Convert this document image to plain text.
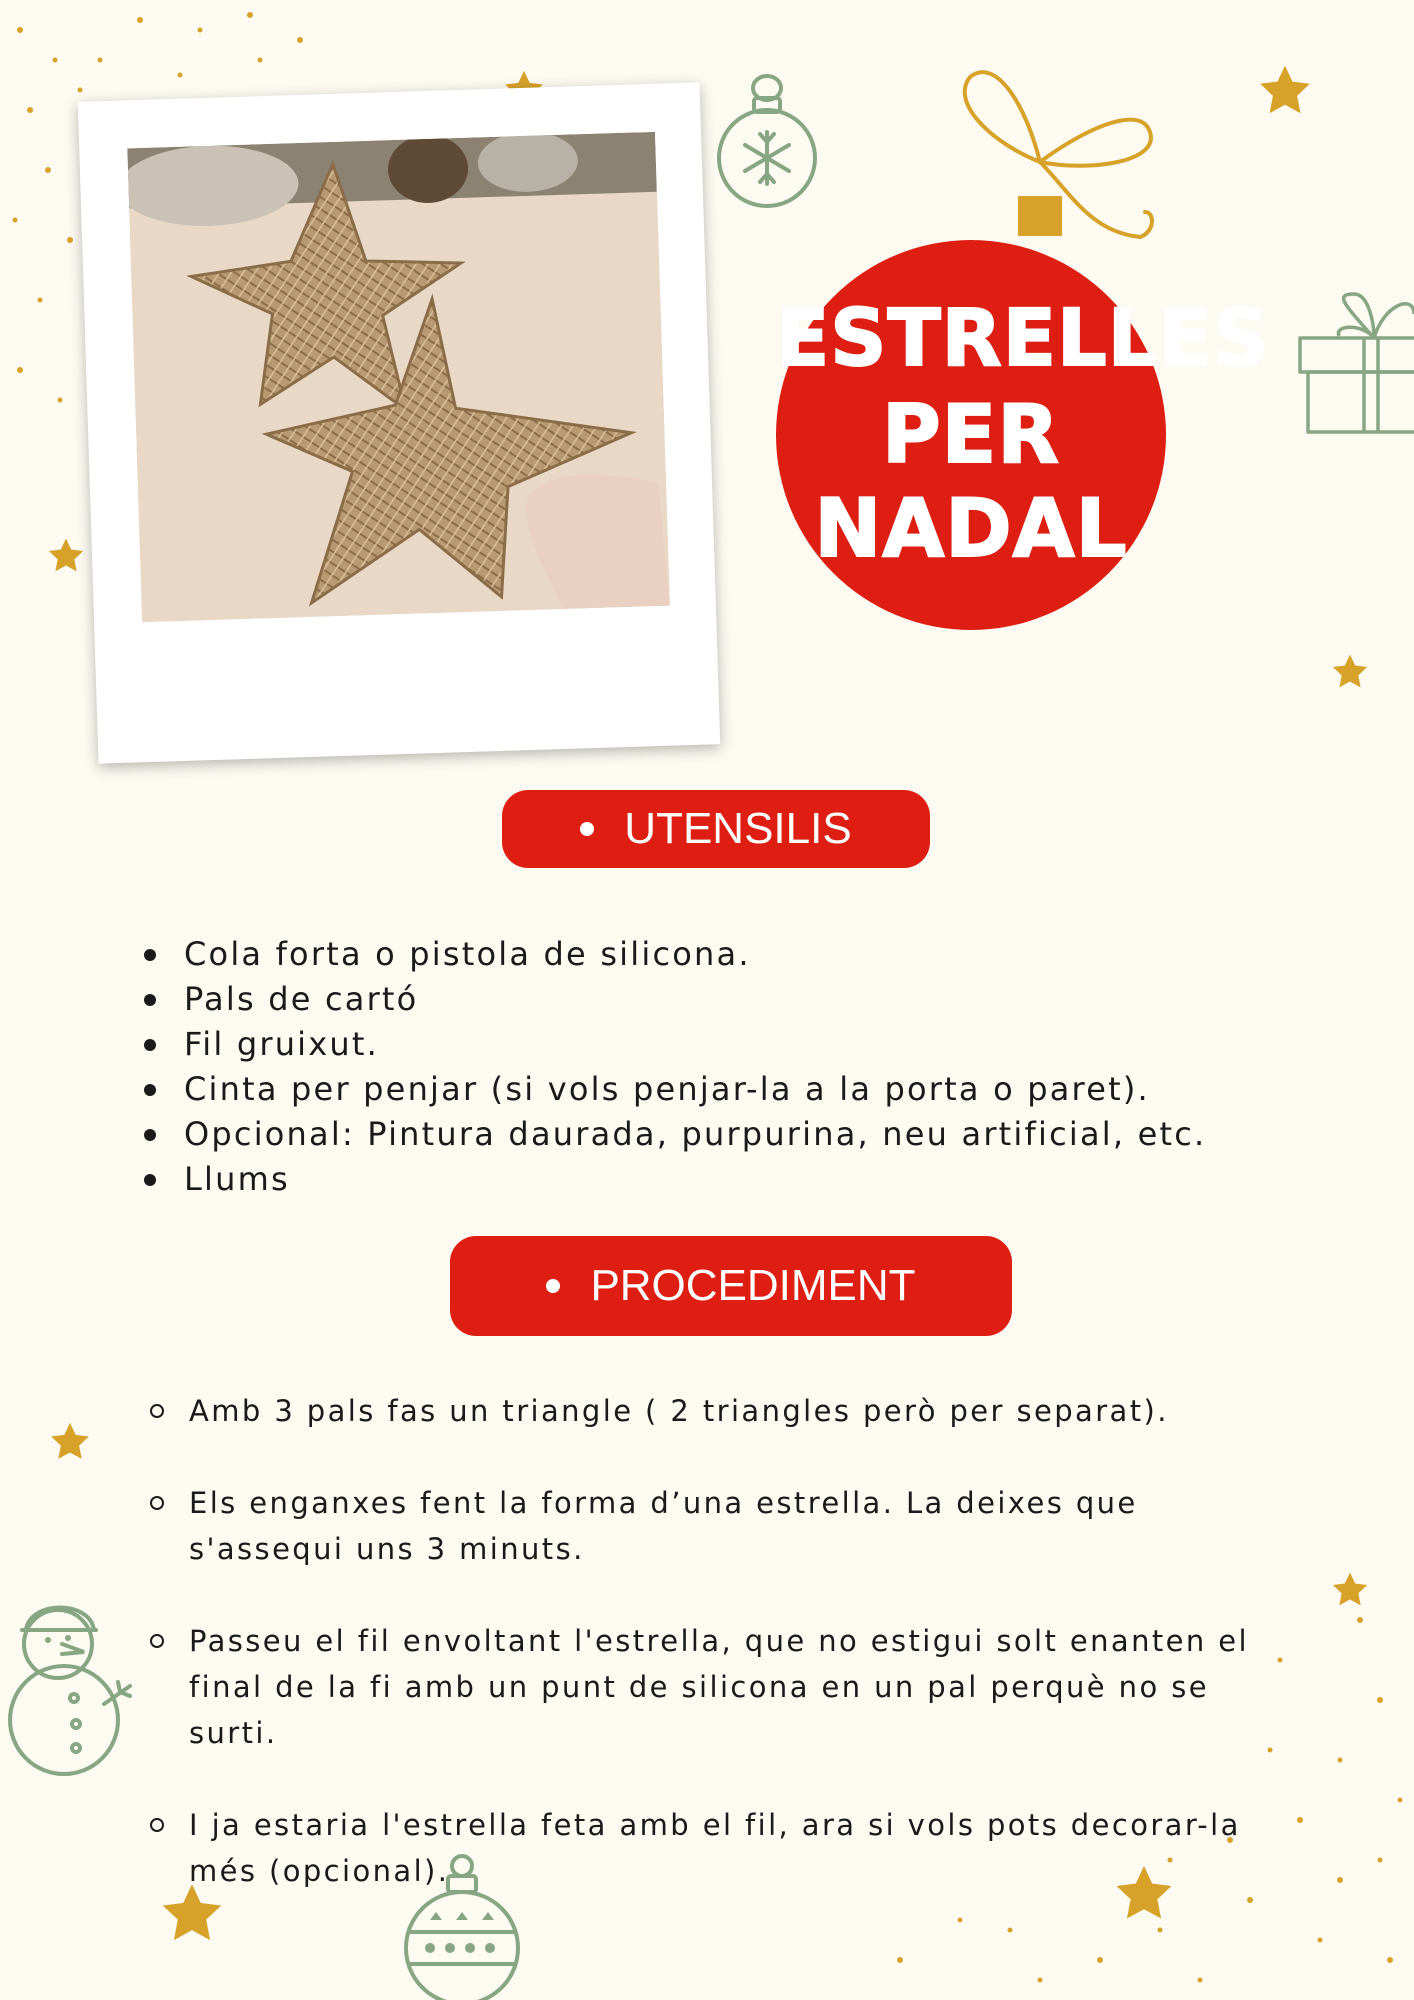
ESTRELLES
PER
NADAL
UTENSILIS
Cola forta o pistola de silicona.
Pals de cartó
Fil gruixut.
Cinta per penjar (si vols penjar-la a la porta o paret).
Opcional: Pintura daurada, purpurina, neu artificial, etc.
Llums
PROCEDIMENT
Amb 3 pals fas un triangle ( 2 triangles però per separat).
Els enganxes fent la forma d’una estrella. La deixes que s'assequi uns 3 minuts.
Passeu el fil envoltant l'estrella, que no estigui solt enanten el final de la fi amb un punt de silicona en un pal perquè no se surti.
I ja estaria l'estrella feta amb el fil, ara si vols pots decorar-la més (opcional).
